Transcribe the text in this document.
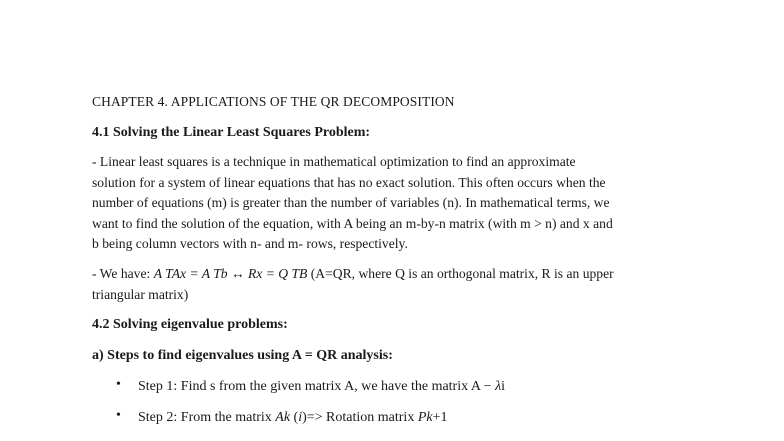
CHAPTER 4. APPLICATIONS OF THE QR DECOMPOSITION
4.1 Solving the Linear Least Squares Problem:
- Linear least squares is a technique in mathematical optimization to find an approximate
solution for a system of linear equations that has no exact solution. This often occurs when the
number of equations (m) is greater than the number of variables (n). In mathematical terms, we
want to find the solution of the equation, with A being an m-by-n matrix (with m > n) and x and
b being column vectors with n- and m- rows, respectively.
- We have: A TAx = A Tb ↔ Rx = Q TB (A=QR, where Q is an orthogonal matrix, R is an upper
triangular matrix)
4.2 Solving eigenvalue problems:
a) Steps to find eigenvalues using A = QR analysis:
• Step 1: Find s from the given matrix A, we have the matrix A − λi
• Step 2: From the matrix Ak (i)=> Rotation matrix Pk+1
